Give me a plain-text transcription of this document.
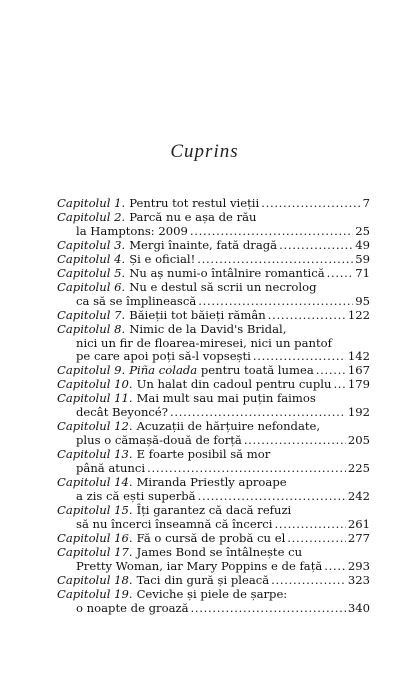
Cuprins
Capitolul 1. Pentru tot restul vieții . . .	7
Capitolul 2. Parcă nu e așa de rău
la Hamptons: 2009 . . .	25
Capitolul 3. Mergi înainte, fată dragă . . .	49
Capitolul 4. Și e oficial! . . .	59
Capitolul 5. Nu aș numi-o întâlnire romantică . . .	71
Capitolul 6. Nu e destul să scrii un necrolog
ca să se împlinească . . .	95
Capitolul 7. Băieții tot băieți rămân . . .	122
Capitolul 8. Nimic de la David's Bridal,
nici un fir de floarea-miresei, nici un pantof
pe care apoi poți să-l vopsești . . .	142
Capitolul 9. Piña colada pentru toată lumea . . .	167
Capitolul 10. Un halat din cadoul pentru cuplu . . . 179
Capitolul 11. Mai mult sau mai puțin faimos
decât Beyoncé? . . .	192
Capitolul 12. Acuzații de hărțuire nefondate,
plus o cămașă-două de forță . . .	205
Capitolul 13. E foarte posibil să mor
până atunci . . .	225
Capitolul 14. Miranda Priestly aproape
a zis că ești superbă . . .	242
Capitolul 15. Îți garantez că dacă refuzi
să nu încerci înseamnă că încerci . . .	261
Capitolul 16. Fă o cursă de probă cu el . . .	277
Capitolul 17. James Bond se întâlnește cu
Pretty Woman, iar Mary Poppins e de față . . . 293
Capitolul 18. Taci din gură și pleacă . . .	323
Capitolul 19. Ceviche și piele de șarpe:
o noapte de groază . . .	340
